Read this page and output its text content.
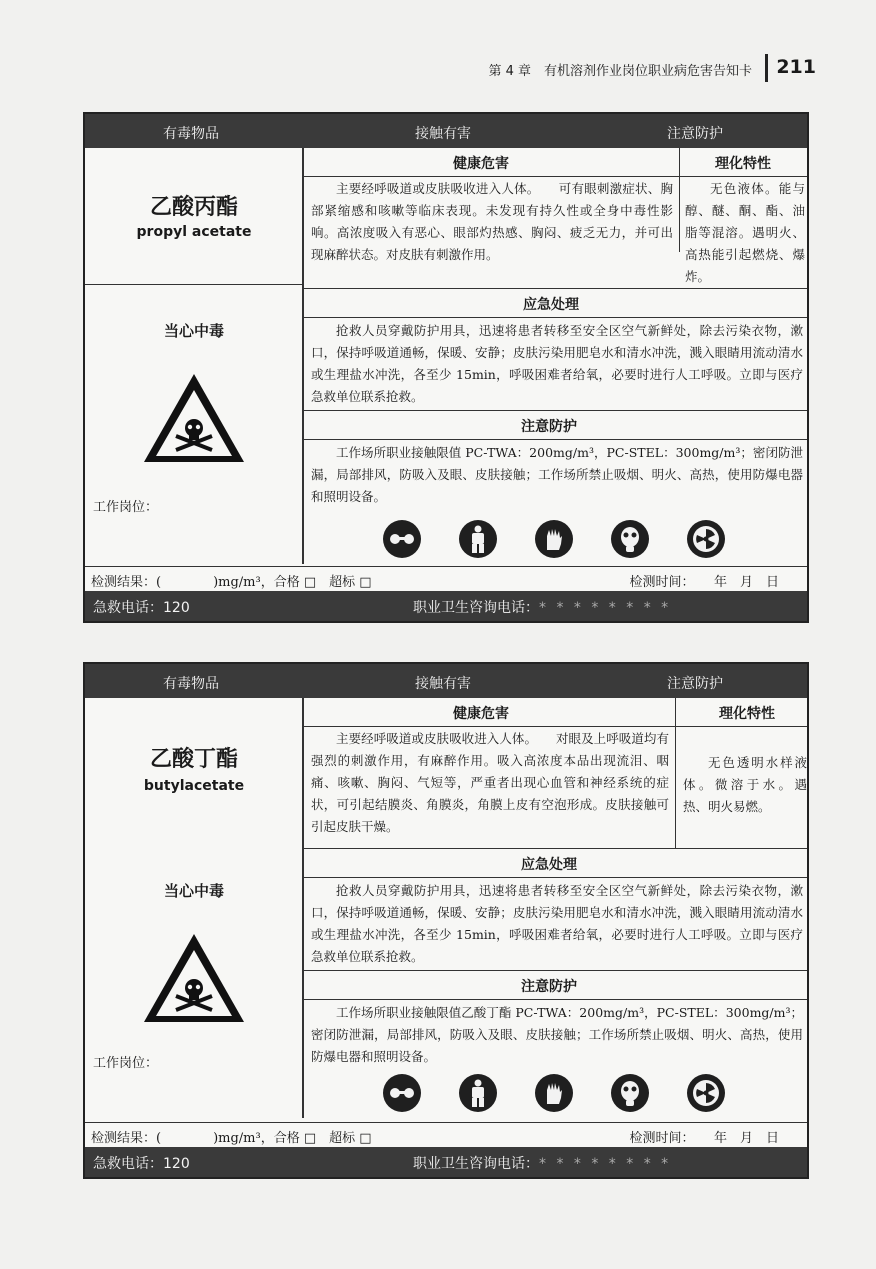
第 4 章　有机溶剂作业岗位职业病危害告知卡 211
有毒物品	接触有害	注意防护
乙酸丙酯
propyl acetate
当心中毒
工作岗位：
健康危害	理化特性
主要经呼吸道或皮肤吸收进入人体。　　可有眼刺激症状、胸部紧缩感和咳嗽等临床表现。未发现有持久性或全身中毒性影响。高浓度吸入有恶心、眼部灼热感、胸闷、疲乏无力，并可出现麻醉状态。对皮肤有刺激作用。
无色液体。能与醇、醚、酮、酯、油脂等混溶。遇明火、高热能引起燃烧、爆炸。
应急处理
抢救人员穿戴防护用具，迅速将患者转移至安全区空气新鲜处，除去污染衣物，漱口，保持呼吸道通畅，保暖、安静；皮肤污染用肥皂水和清水冲洗，溅入眼睛用流动清水或生理盐水冲洗，各至少 15min，呼吸困难者给氧，必要时进行人工呼吸。立即与医疗急救单位联系抢救。
注意防护
工作场所职业接触限值 PC-TWA：200mg/m³，PC-STEL：300mg/m³；密闭防泄漏，局部排风，防吸入及眼、皮肤接触；工作场所禁止吸烟、明火、高热，使用防爆电器和照明设备。
检测结果：(　　　　)mg/m³，合格 □　超标 □	检测时间：　　年　月　日
急救电话：120	职业卫生咨询电话：* * * * * * * *
有毒物品	接触有害	注意防护
乙酸丁酯
butylacetate
当心中毒
工作岗位：
健康危害	理化特性
主要经呼吸道或皮肤吸收进入人体。　　对眼及上呼吸道均有强烈的刺激作用，有麻醉作用。吸入高浓度本品出现流泪、咽痛、咳嗽、胸闷、气短等，严重者出现心血管和神经系统的症状，可引起结膜炎、角膜炎，角膜上皮有空泡形成。皮肤接触可引起皮肤干燥。
无色透明水样液体。微溶于水。遇热、明火易燃。
应急处理
抢救人员穿戴防护用具，迅速将患者转移至安全区空气新鲜处，除去污染衣物，漱口，保持呼吸道通畅，保暖、安静；皮肤污染用肥皂水和清水冲洗，溅入眼睛用流动清水或生理盐水冲洗，各至少 15min，呼吸困难者给氧，必要时进行人工呼吸。立即与医疗急救单位联系抢救。
注意防护
工作场所职业接触限值乙酸丁酯 PC-TWA：200mg/m³，PC-STEL：300mg/m³；密闭防泄漏，局部排风，防吸入及眼、皮肤接触；工作场所禁止吸烟、明火、高热，使用防爆电器和照明设备。
检测结果：(　　　　)mg/m³，合格 □　超标 □	检测时间：　　年　月　日
急救电话：120	职业卫生咨询电话：* * * * * * * *
